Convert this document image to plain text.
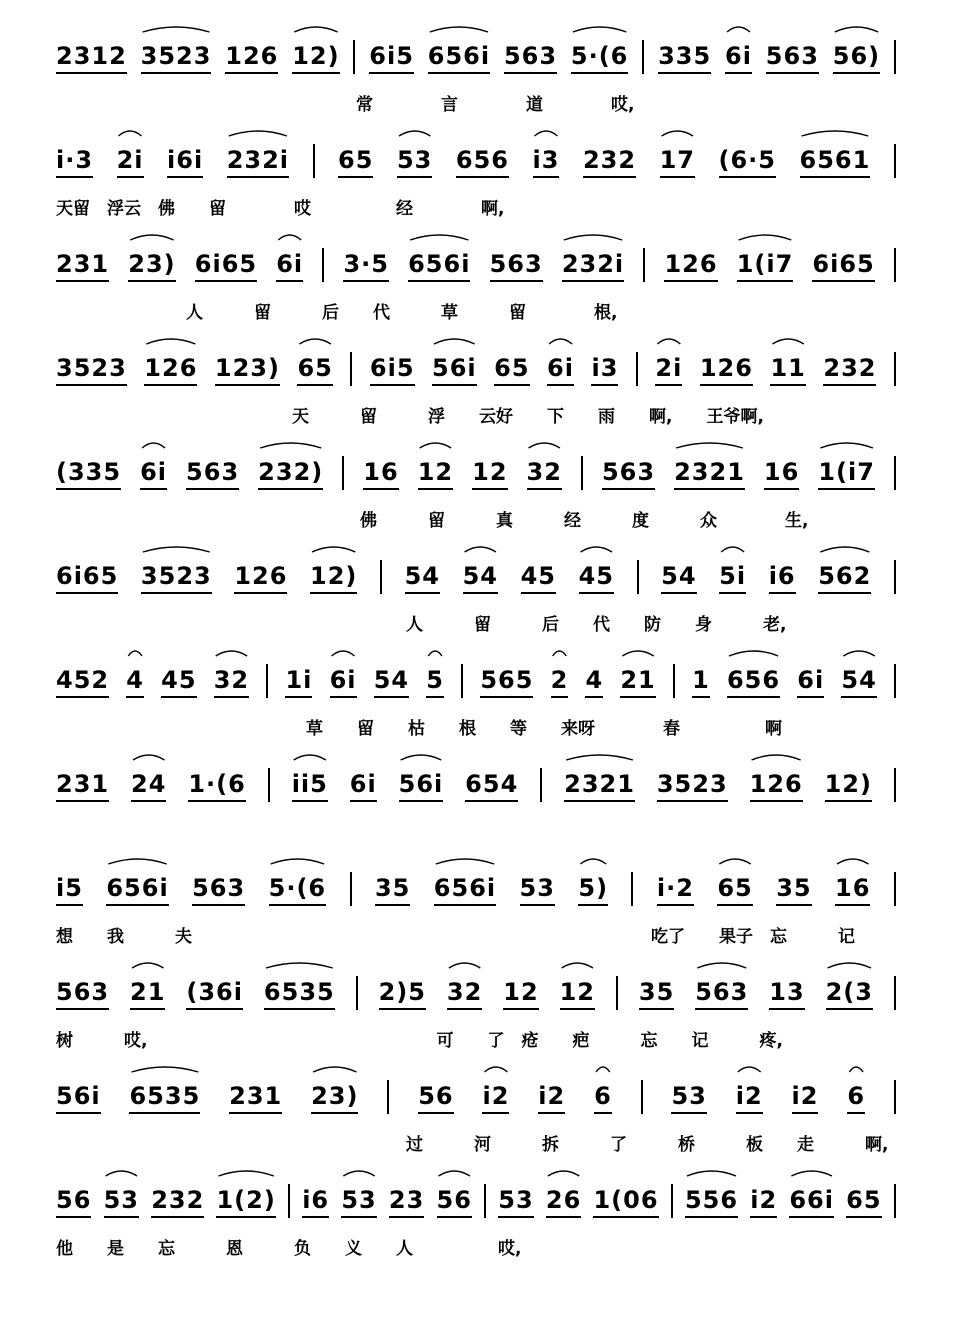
2312 3523 126 12) 6i5 656i 563 5·(6 335 6i 563 56)
常　　　　言　　　　道　　　　哎,
i·3 2i i6i 232i 65 53 656 i3 232 17 (6·5 6561
天留　浮云　佛　　留　　　　哎　　　　　经　　　　啊,
231 23) 6i65 6i 3·5 656i 563 232i 126 1(i7 6i65
人　　　留　　　后　　代　　　草　　　留　　　　根,
3523 126 123) 65 6i5 56i 65 6i i3 2i 126 11 232
天　　　留　　　浮　　云好　　下　　雨　　啊,　　王爷啊,
(335 6i 563 232) 16 12 12 32 563 2321 16 1(i7
佛　　　留　　　真　　　经　　　度　　　众　　　　生,
6i65 3523 126 12) 54 54 45 45 54 5i i6 562
人　　　留　　　后　　代　　防　　身　　　老,
452 4 45 32 1i 6i 54 5 565 2 4 21 1 656 6i 54
草　　留　　枯　　根　　等　　来呀　　　　春　　　　　啊
231 24 1·(6 ii5 6i 56i 654 2321 3523 126 12)
i5 656i 563 5·(6 35 656i 53 5) i·2 65 35 16
想　　我　　　夫　　　　　　　　　　　　　　　　　　　　　　　　　　　吃了　　果子　忘　　　记
563 21 (36i 6535 2)5 32 12 12 35 563 13 2(3
树　　　哎,　　　　　　　　　　　　　　　　　可　　了　疮　　疤　　　忘　　记　　　疼,
56i 6535 231 23) 56 i2 i2 6 53 i2 i2 6
过　　　河　　　拆　　　了　　　桥　　　板　　走　　　啊,
56 53 232 1(2) i6 53 23 56 53 26 1(06 556 i2 66i 65
他　　是　　忘　　　恩　　　负　　义　　人　　　　　哎,
